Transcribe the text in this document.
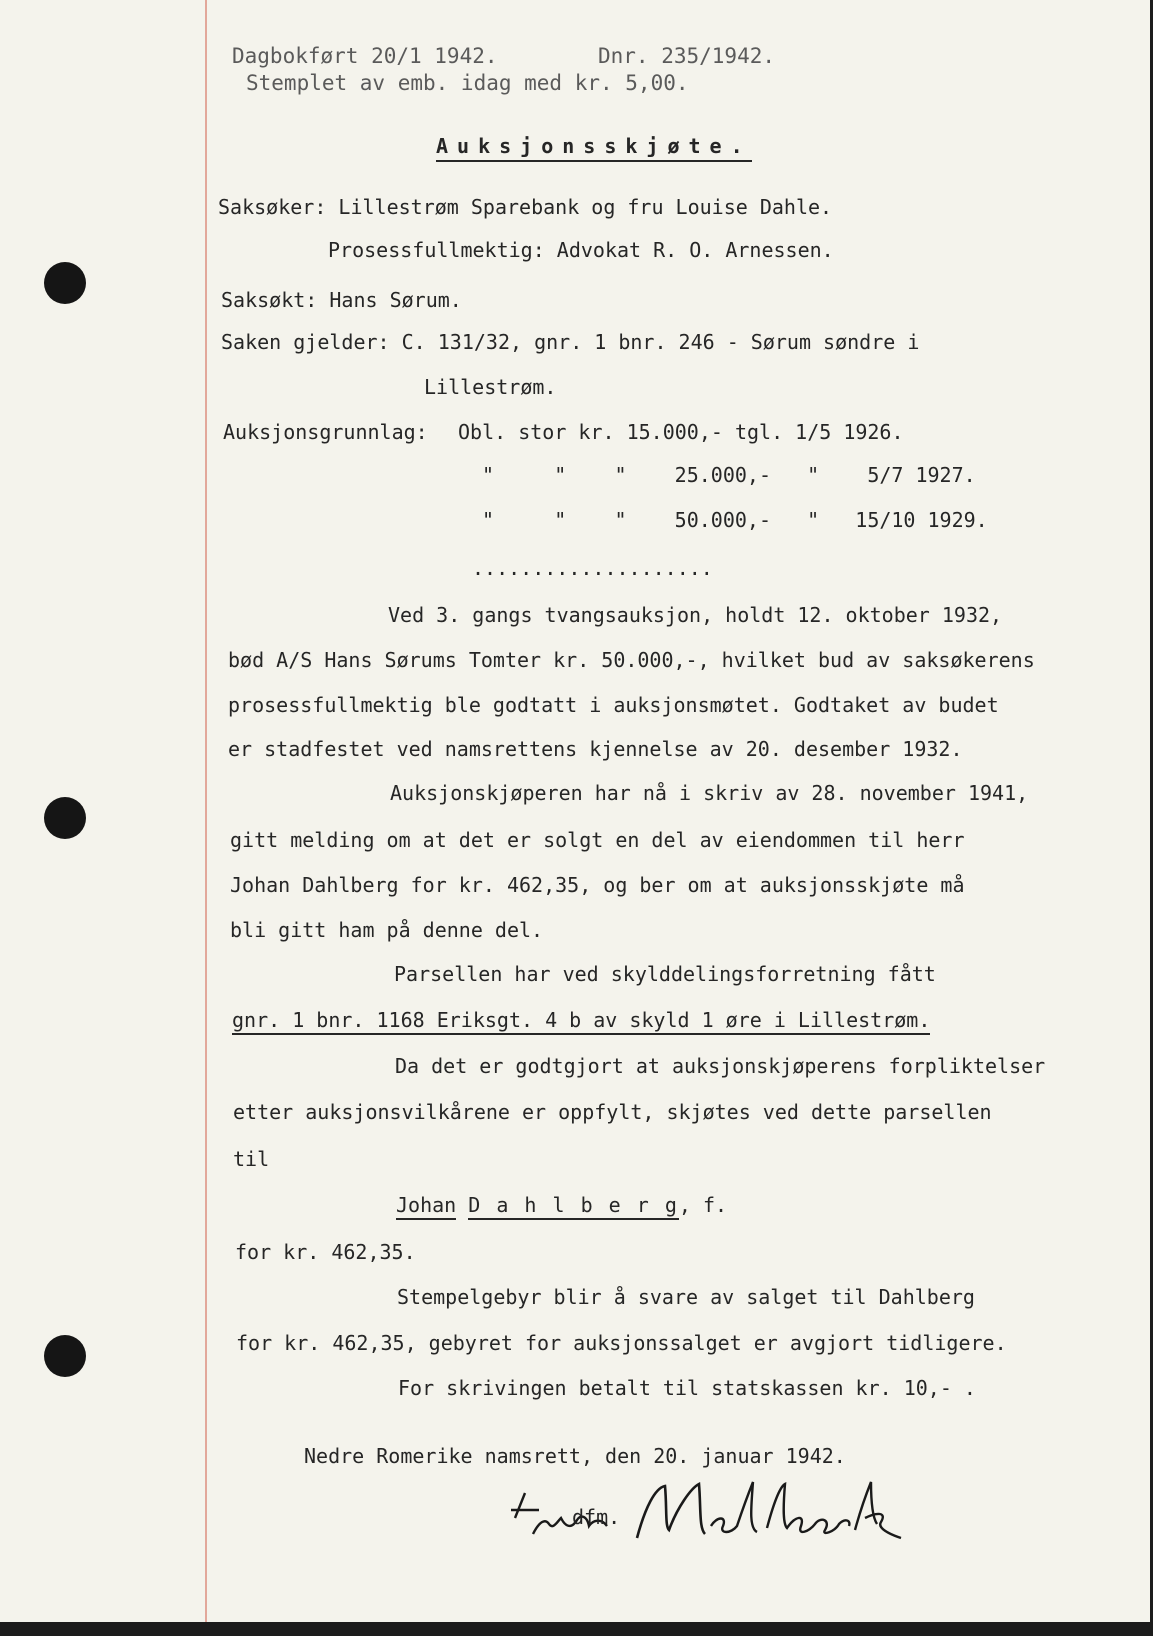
Dagbokført 20/1 1942.	Dnr. 235/1942.
Stemplet av emb. idag med kr. 5,00.
Auksjonsskjøte.
Saksøker: Lillestrøm Sparebank og fru Louise Dahle.
Prosessfullmektig: Advokat R. O. Arnessen.
Saksøkt: Hans Sørum.
Saken gjelder: C. 131/32, gnr. 1 bnr. 246 - Sørum søndre i
Lillestrøm.
Auksjonsgrunnlag: Obl. stor kr. 15.000,- tgl. 1/5 1926.
"     "    "    25.000,-   "    5/7 1927.
"     "    "    50.000,-   "   15/10 1929.
....................
Ved 3. gangs tvangsauksjon, holdt 12. oktober 1932,
bød A/S Hans Sørums Tomter kr. 50.000,-, hvilket bud av saksøkerens
prosessfullmektig ble godtatt i auksjonsmøtet. Godtaket av budet
er stadfestet ved namsrettens kjennelse av 20. desember 1932.
Auksjonskjøperen har nå i skriv av 28. november 1941,
gitt melding om at det er solgt en del av eiendommen til herr
Johan Dahlberg for kr. 462,35, og ber om at auksjonsskjøte må
bli gitt ham på denne del.
Parsellen har ved skylddelingsforretning fått
gnr. 1 bnr. 1168 Eriksgt. 4 b av skyld 1 øre i Lillestrøm.
Da det er godtgjort at auksjonskjøperens forpliktelser
etter auksjonsvilkårene er oppfylt, skjøtes ved dette parsellen
til
Johan D a h l b e r g, f.
for kr. 462,35.
Stempelgebyr blir å svare av salget til Dahlberg
for kr. 462,35, gebyret for auksjonssalget er avgjort tidligere.
For skrivingen betalt til statskassen kr. 10,- .
Nedre Romerike namsrett, den 20. januar 1942.
dfm.
